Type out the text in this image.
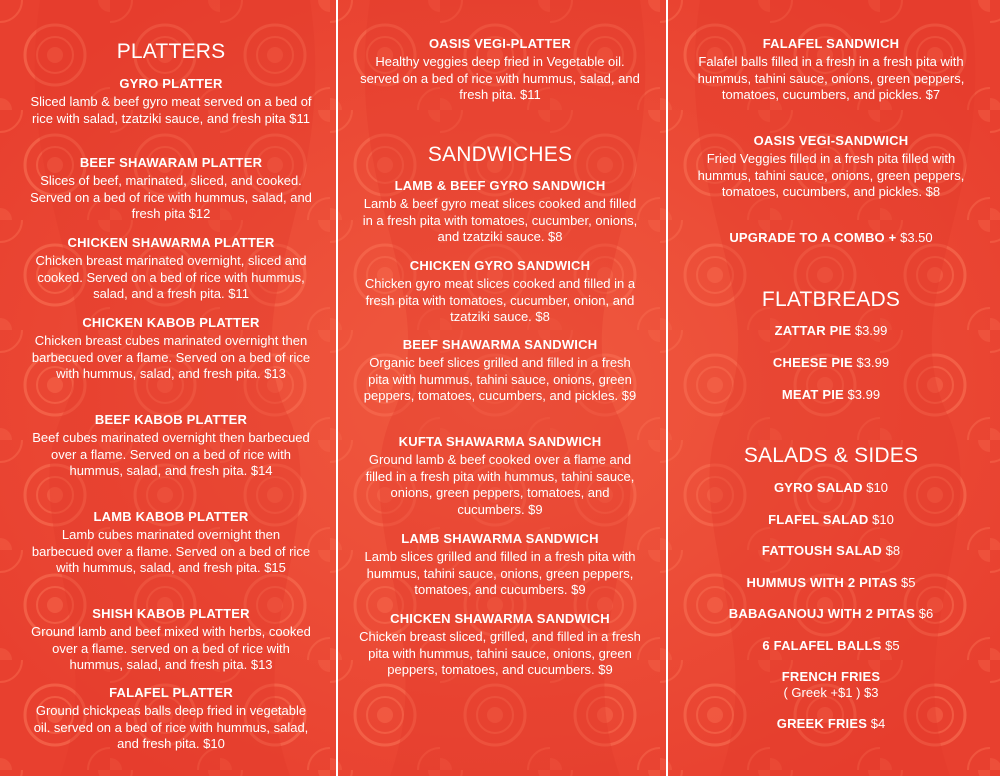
PLATTERS
GYRO PLATTER
Sliced lamb & beef gyro meat served on a bed of rice with salad, tzatziki sauce, and fresh pita $11
BEEF SHAWARAM PLATTER
Slices of beef, marinated, sliced, and cooked. Served on a bed of rice with hummus, salad, and fresh pita $12
CHICKEN SHAWARMA PLATTER
Chicken breast marinated overnight, sliced and cooked. Served on a bed of rice with hummus, salad, and a fresh pita. $11
CHICKEN KABOB PLATTER
Chicken breast cubes marinated overnight then barbecued over a flame. Served on a bed of rice with hummus, salad, and fresh pita. $13
BEEF KABOB PLATTER
Beef cubes marinated overnight then barbecued over a flame. Served on a bed of rice with hummus, salad, and fresh pita. $14
LAMB KABOB PLATTER
Lamb cubes marinated overnight then barbecued over a flame. Served on a bed of rice with hummus, salad, and fresh pita. $15
SHISH KABOB PLATTER
Ground lamb and beef mixed with herbs, cooked over a flame. served on a bed of rice with hummus, salad, and fresh pita. $13
FALAFEL PLATTER
Ground chickpeas balls deep fried in vegetable oil. served on a bed of rice with hummus, salad, and fresh pita. $10
OASIS VEGI-PLATTER
Healthy veggies deep fried in Vegetable oil. served on a bed of rice with hummus, salad, and fresh pita. $11
SANDWICHES
LAMB & BEEF GYRO SANDWICH
Lamb & beef gyro meat slices cooked and filled in a fresh pita with tomatoes, cucumber, onions, and tzatziki sauce. $8
CHICKEN GYRO SANDWICH
Chicken gyro meat slices cooked and filled in a fresh pita with tomatoes, cucumber, onion, and tzatziki sauce. $8
BEEF SHAWARMA SANDWICH
Organic beef slices grilled and filled in a fresh pita with hummus, tahini sauce, onions, green peppers, tomatoes, cucumbers, and pickles. $9
KUFTA SHAWARMA SANDWICH
Ground lamb & beef cooked over a flame and filled in a fresh pita with hummus, tahini sauce, onions, green peppers, tomatoes, and cucumbers. $9
LAMB SHAWARMA SANDWICH
Lamb slices grilled and filled in a fresh pita with hummus, tahini sauce, onions, green peppers, tomatoes, and cucumbers. $9
CHICKEN SHAWARMA SANDWICH
Chicken breast sliced, grilled, and filled in a fresh pita with hummus, tahini sauce, onions, green peppers, tomatoes, and cucumbers. $9
FALAFEL SANDWICH
Falafel balls filled in a fresh in a fresh pita with hummus, tahini sauce, onions, green peppers, tomatoes, cucumbers, and pickles. $7
OASIS VEGI-SANDWICH
Fried Veggies filled in a fresh pita filled with hummus, tahini sauce, onions, green peppers, tomatoes, cucumbers, and pickles. $8
UPGRADE TO A COMBO + $3.50
FLATBREADS
ZATTAR PIE $3.99
CHEESE PIE $3.99
MEAT PIE $3.99
SALADS & SIDES
GYRO SALAD $10
FLAFEL SALAD $10
FATTOUSH SALAD $8
HUMMUS WITH 2 PITAS $5
BABAGANOUJ WITH 2 PITAS $6
6 FALAFEL BALLS $5
FRENCH FRIES
( Greek +$1 ) $3
GREEK FRIES $4
